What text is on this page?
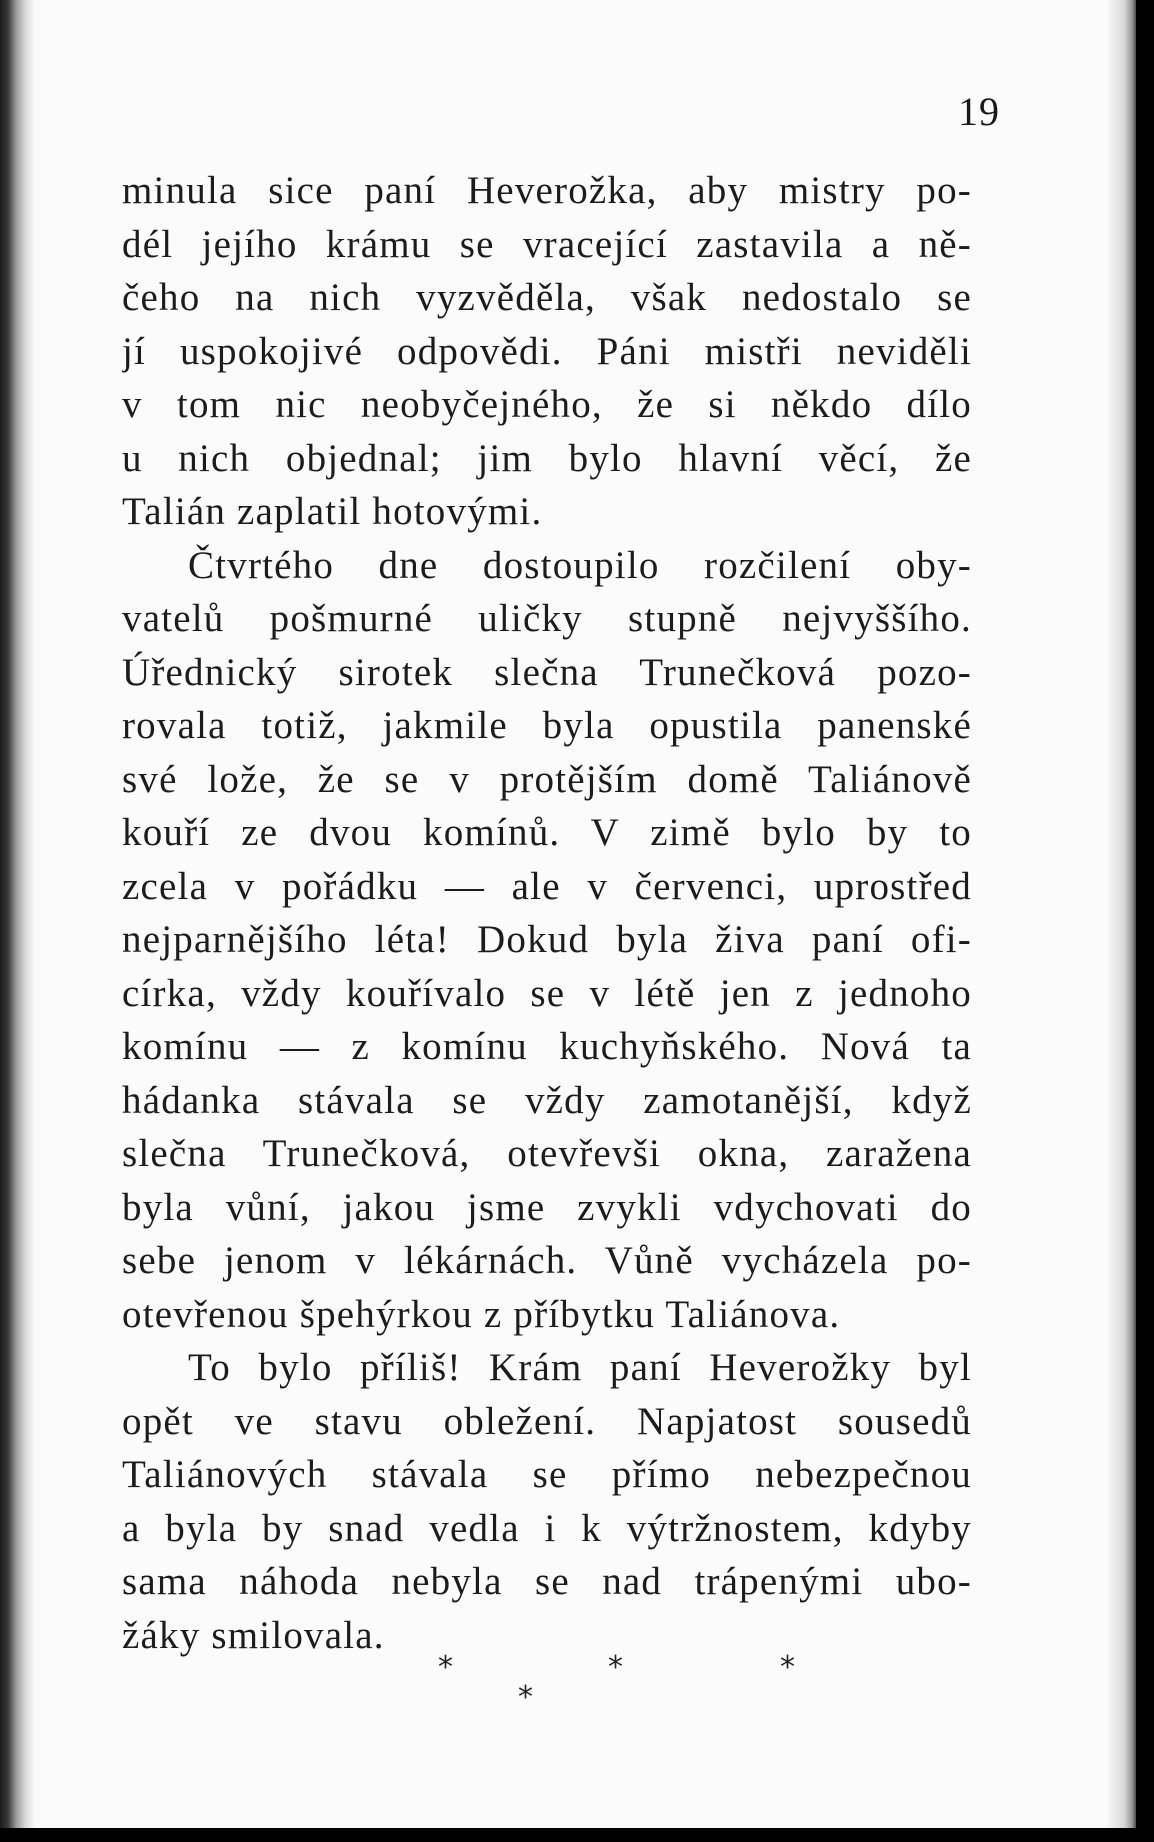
19
minula sice paní Heverožka, aby mistry po-
dél jejího krámu se vracející zastavila a ně-
čeho na nich vyzvěděla, však nedostalo se
jí uspokojivé odpovědi. Páni mistři neviděli
v tom nic neobyčejného, že si někdo dílo
u nich objednal; jim bylo hlavní věcí, že
Talián zaplatil hotovými.
Čtvrtého dne dostoupilo rozčilení oby-
vatelů pošmurné uličky stupně nejvyššího.
Úřednický sirotek slečna Trunečková pozo-
rovala totiž, jakmile byla opustila panenské
své lože, že se v protějším domě Taliánově
kouří ze dvou komínů. V zimě bylo by to
zcela v pořádku — ale v červenci, uprostřed
nejparnějšího léta! Dokud byla živa paní ofi-
círka, vždy kouřívalo se v létě jen z jednoho
komínu — z komínu kuchyňského. Nová ta
hádanka stávala se vždy zamotanější, když
slečna Trunečková, otevřevši okna, zaražena
byla vůní, jakou jsme zvykli vdychovati do
sebe jenom v lékárnách. Vůně vycházela po-
otevřenou špehýrkou z příbytku Taliánova.
To bylo příliš! Krám paní Heverožky byl
opět ve stavu obležení. Napjatost sousedů
Taliánových stávala se přímo nebezpečnou
a byla by snad vedla i k výtržnostem, kdyby
sama náhoda nebyla se nad trápenými ubo-
žáky smilovala.
*
*
*	*
